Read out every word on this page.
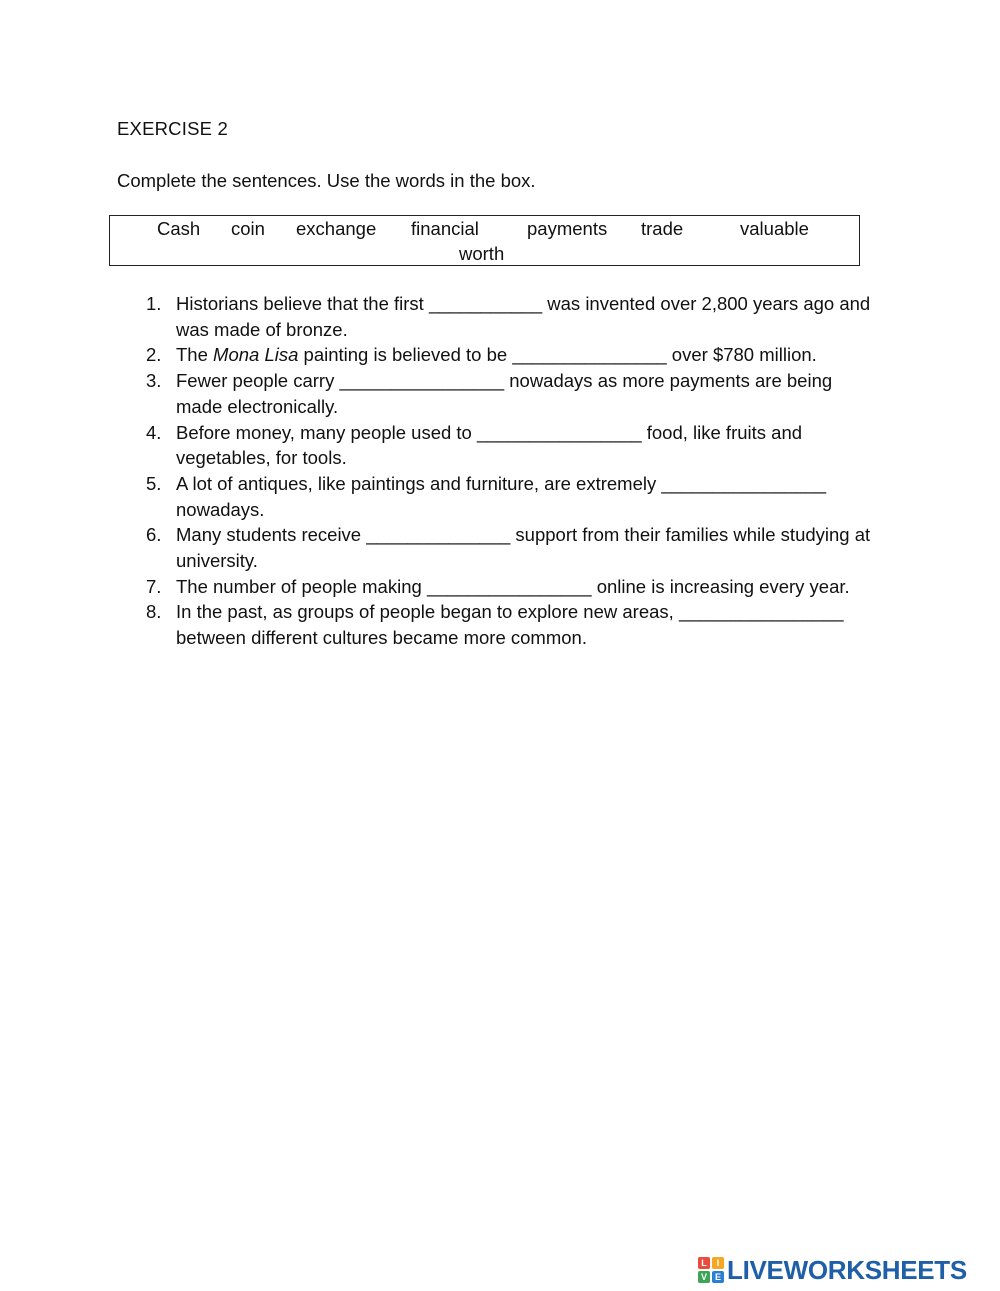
EXERCISE 2

Complete the sentences. Use the words in the box.

Cash coin exchange financial	payments trade	valuable
worth
1. Historians believe that the first ___________ was invented over 2,800 years ago and was made of bronze.
2. The Mona Lisa painting is believed to be _______________ over $780 million.
3. Fewer people carry ________________ nowadays as more payments are being made electronically.
4. Before money, many people used to ________________ food, like fruits and vegetables, for tools.
5. A lot of antiques, like paintings and furniture, are extremely ________________ nowadays.
6. Many students receive ______________ support from their families while studying at university.
7. The number of people making ________________ online is increasing every year.
8. In the past, as groups of people began to explore new areas, ________________ between different cultures became more common.
L	I
V E LIVEWORKSHEETS
